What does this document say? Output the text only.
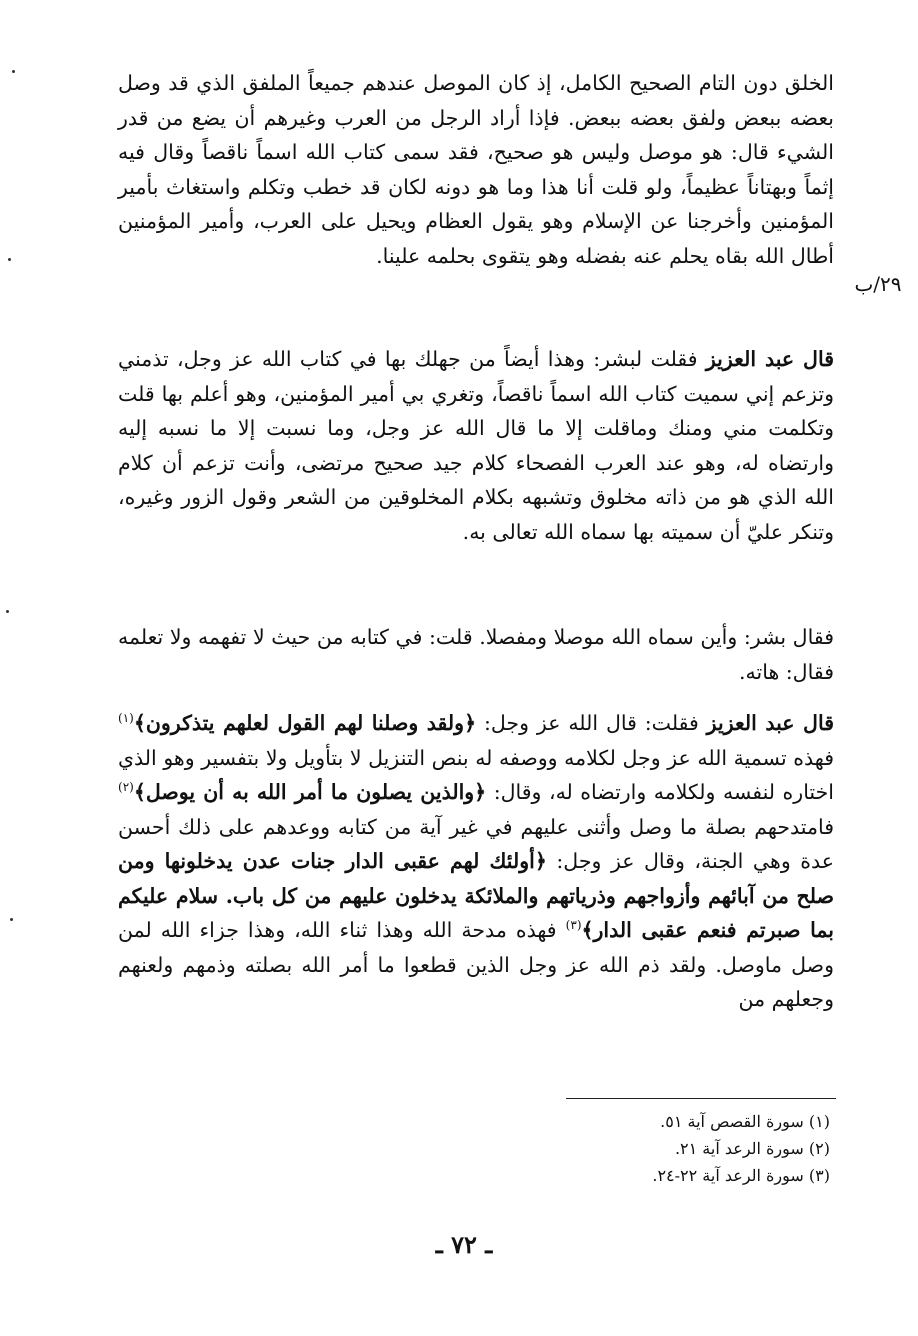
الخلق دون التام الصحيح الكامل، إذ كان الموصل عندهم جميعاً الملفق الذي قد وصل بعضه ببعض ولفق بعضه ببعض. فإذا أراد الرجل من العرب وغيرهم أن يضع من قدر الشيء قال: هو موصل وليس هو صحيح، فقد سمى كتاب الله اسماً ناقصاً وقال فيه إثماً وبهتاناً عظيماً، ولو قلت أنا هذا وما هو دونه لكان قد خطب وتكلم واستغاث بأمير المؤمنين وأخرجنا عن الإسلام وهو يقول العظام ويحيل على العرب، وأمير المؤمنين أطال الله بقاه يحلم عنه بفضله وهو يتقوى بحلمه علينا.

٢٩/ب

قال عبد العزيز فقلت لبشر: وهذا أيضاً من جهلك بها في كتاب الله عز وجل، تذمني وتزعم إني سميت كتاب الله اسماً ناقصاً، وتغري بي أمير المؤمنين، وهو أعلم بها قلت وتكلمت مني ومنك وماقلت إلا ما قال الله عز وجل، وما نسبت إلا ما نسبه إليه وارتضاه له، وهو عند العرب الفصحاء كلام جيد صحيح مرتضى، وأنت تزعم أن كلام الله الذي هو من ذاته مخلوق وتشبهه بكلام المخلوقين من الشعر وقول الزور وغيره، وتنكر عليّ أن سميته بها سماه الله تعالى به.

فقال بشر: وأين سماه الله موصلا ومفصلا. قلت: في كتابه من حيث لا تفهمه ولا تعلمه فقال: هاته.

قال عبد العزيز فقلت: قال الله عز وجل: ﴿ولقد وصلنا لهم القول لعلهم يتذكرون﴾$^{(١)}$ فهذه تسمية الله عز وجل لكلامه ووصفه له بنص التنزيل لا بتأويل ولا بتفسير وهو الذي اختاره لنفسه ولكلامه وارتضاه له، وقال: ﴿والذين يصلون ما أمر الله به أن يوصل﴾$^{(٢)}$ فامتدحهم بصلة ما وصل وأثنى عليهم في غير آية من كتابه ووعدهم على ذلك أحسن عدة وهي الجنة، وقال عز وجل: ﴿أولئك لهم عقبى الدار جنات عدن يدخلونها ومن صلح من آبائهم وأزواجهم وذرياتهم والملائكة يدخلون عليهم من كل باب. سلام عليكم بما صبرتم فنعم عقبى الدار﴾$^{(٣)}$ فهذه مدحة الله وهذا ثناء الله، وهذا جزاء الله لمن وصل ماوصل. ولقد ذم الله عز وجل الذين قطعوا ما أمر الله بصلته وذمهم ولعنهم وجعلهم من

(١) سورة القصص آية ٥١.
(٢) سورة الرعد آية ٢١.
(٣) سورة الرعد آية ٢٢-٢٤.
ـ ٧٢ ـ
